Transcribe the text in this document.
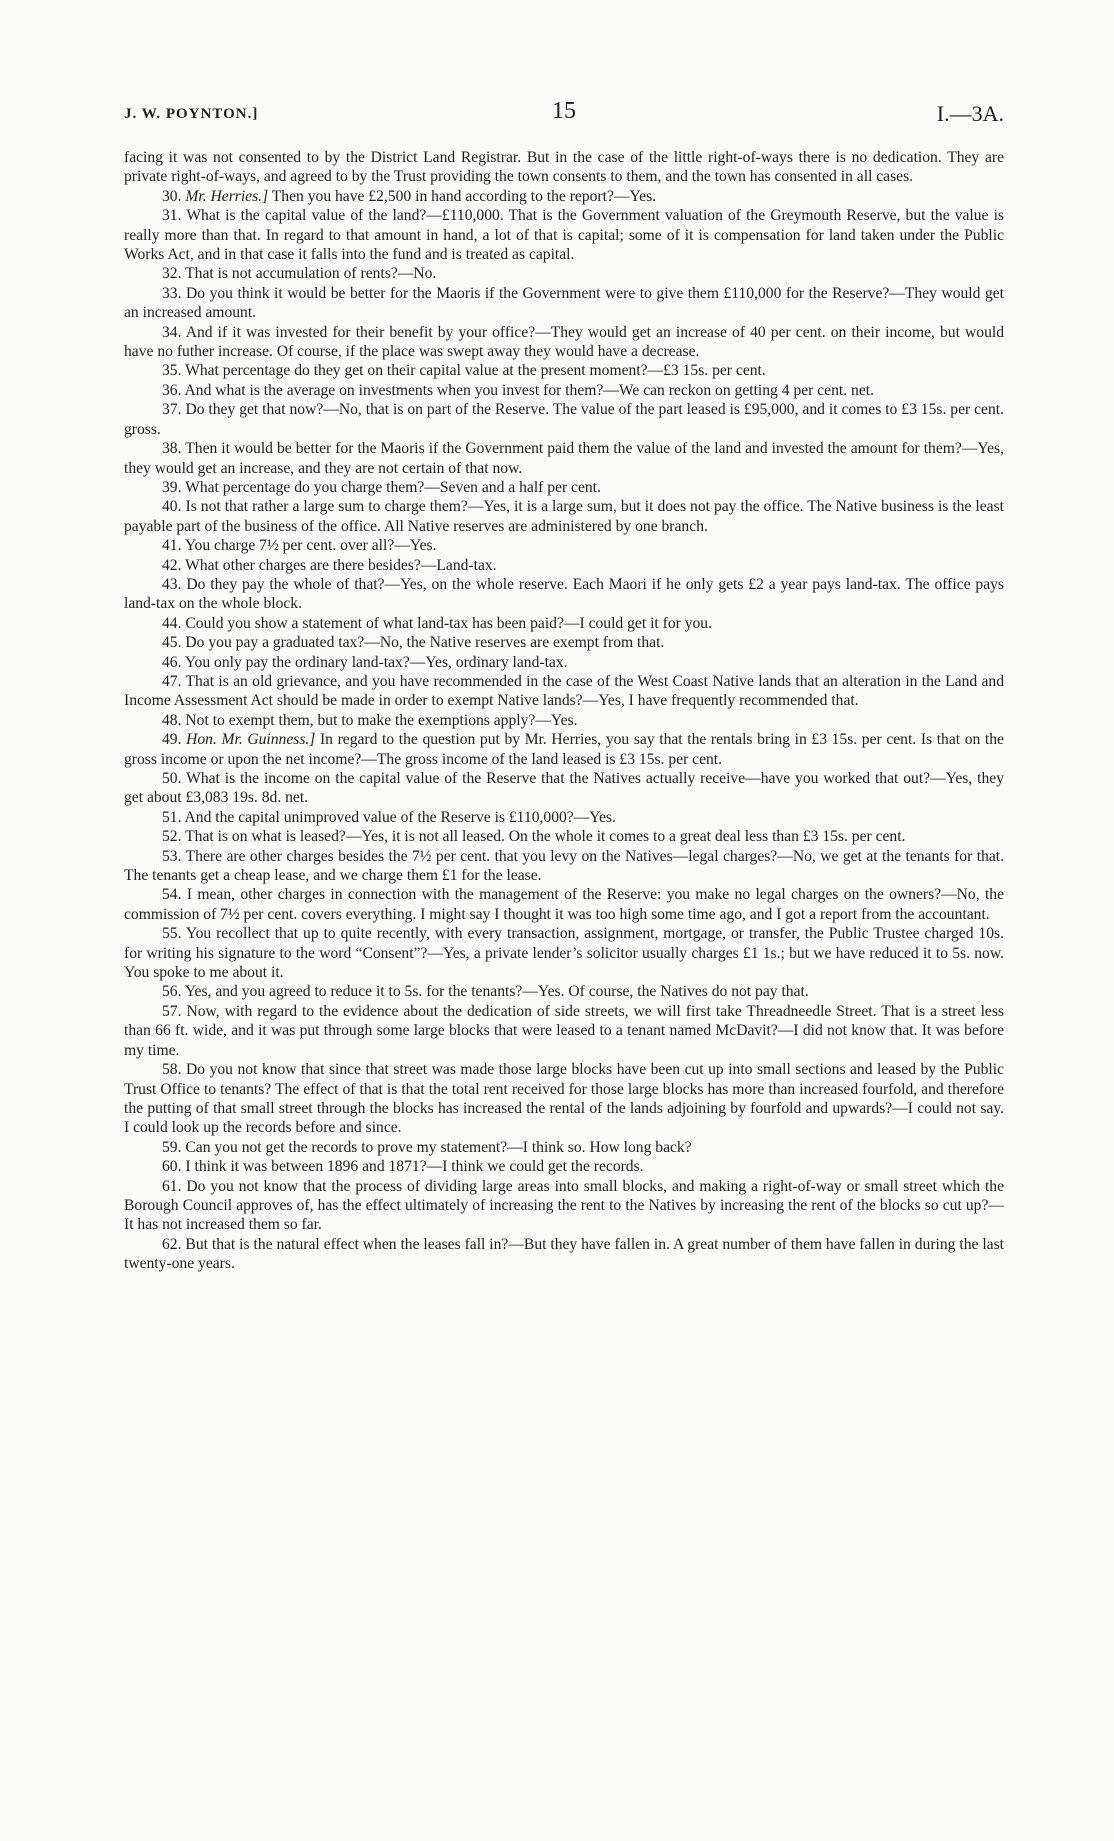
J. W. POYNTON.]	15	I.—3A.

facing it was not consented to by the District Land Registrar. But in the case of the little right-of-ways there is no dedication. They are private right-of-ways, and agreed to by the Trust providing the town consents to them, and the town has consented in all cases.

30. Mr. Herries.] Then you have £2,500 in hand according to the report?—Yes.

31. What is the capital value of the land?—£110,000. That is the Government valuation of the Greymouth Reserve, but the value is really more than that. In regard to that amount in hand, a lot of that is capital; some of it is compensation for land taken under the Public Works Act, and in that case it falls into the fund and is treated as capital.

32. That is not accumulation of rents?—No.

33. Do you think it would be better for the Maoris if the Government were to give them £110,000 for the Reserve?—They would get an increased amount.

34. And if it was invested for their benefit by your office?—They would get an increase of 40 per cent. on their income, but would have no futher increase. Of course, if the place was swept away they would have a decrease.

35. What percentage do they get on their capital value at the present moment?—£3 15s. per cent.

36. And what is the average on investments when you invest for them?—We can reckon on getting 4 per cent. net.

37. Do they get that now?—No, that is on part of the Reserve. The value of the part leased is £95,000, and it comes to £3 15s. per cent. gross.

38. Then it would be better for the Maoris if the Government paid them the value of the land and invested the amount for them?—Yes, they would get an increase, and they are not certain of that now.

39. What percentage do you charge them?—Seven and a half per cent.

40. Is not that rather a large sum to charge them?—Yes, it is a large sum, but it does not pay the office. The Native business is the least payable part of the business of the office. All Native reserves are administered by one branch.

41. You charge 7½ per cent. over all?—Yes.

42. What other charges are there besides?—Land-tax.

43. Do they pay the whole of that?—Yes, on the whole reserve. Each Maori if he only gets £2 a year pays land-tax. The office pays land-tax on the whole block.

44. Could you show a statement of what land-tax has been paid?—I could get it for you.

45. Do you pay a graduated tax?—No, the Native reserves are exempt from that.

46. You only pay the ordinary land-tax?—Yes, ordinary land-tax.

47. That is an old grievance, and you have recommended in the case of the West Coast Native lands that an alteration in the Land and Income Assessment Act should be made in order to exempt Native lands?—Yes, I have frequently recommended that.

48. Not to exempt them, but to make the exemptions apply?—Yes.

49. Hon. Mr. Guinness.] In regard to the question put by Mr. Herries, you say that the rentals bring in £3 15s. per cent. Is that on the gross income or upon the net income?—The gross income of the land leased is £3 15s. per cent.

50. What is the income on the capital value of the Reserve that the Natives actually receive—have you worked that out?—Yes, they get about £3,083 19s. 8d. net.

51. And the capital unimproved value of the Reserve is £110,000?—Yes.

52. That is on what is leased?—Yes, it is not all leased. On the whole it comes to a great deal less than £3 15s. per cent.

53. There are other charges besides the 7½ per cent. that you levy on the Natives—legal charges?—No, we get at the tenants for that. The tenants get a cheap lease, and we charge them £1 for the lease.

54. I mean, other charges in connection with the management of the Reserve: you make no legal charges on the owners?—No, the commission of 7½ per cent. covers everything. I might say I thought it was too high some time ago, and I got a report from the accountant.

55. You recollect that up to quite recently, with every transaction, assignment, mortgage, or transfer, the Public Trustee charged 10s. for writing his signature to the word “Consent”?—Yes, a private lender’s solicitor usually charges £1 1s.; but we have reduced it to 5s. now. You spoke to me about it.

56. Yes, and you agreed to reduce it to 5s. for the tenants?—Yes. Of course, the Natives do not pay that.

57. Now, with regard to the evidence about the dedication of side streets, we will first take Threadneedle Street. That is a street less than 66 ft. wide, and it was put through some large blocks that were leased to a tenant named McDavit?—I did not know that. It was before my time.

58. Do you not know that since that street was made those large blocks have been cut up into small sections and leased by the Public Trust Office to tenants? The effect of that is that the total rent received for those large blocks has more than increased fourfold, and therefore the putting of that small street through the blocks has increased the rental of the lands adjoining by fourfold and upwards?—I could not say. I could look up the records before and since.

59. Can you not get the records to prove my statement?—I think so. How long back?

60. I think it was between 1896 and 1871?—I think we could get the records.

61. Do you not know that the process of dividing large areas into small blocks, and making a right-of-way or small street which the Borough Council approves of, has the effect ultimately of increasing the rent to the Natives by increasing the rent of the blocks so cut up?—It has not increased them so far.

62. But that is the natural effect when the leases fall in?—But they have fallen in. A great number of them have fallen in during the last twenty-one years.
